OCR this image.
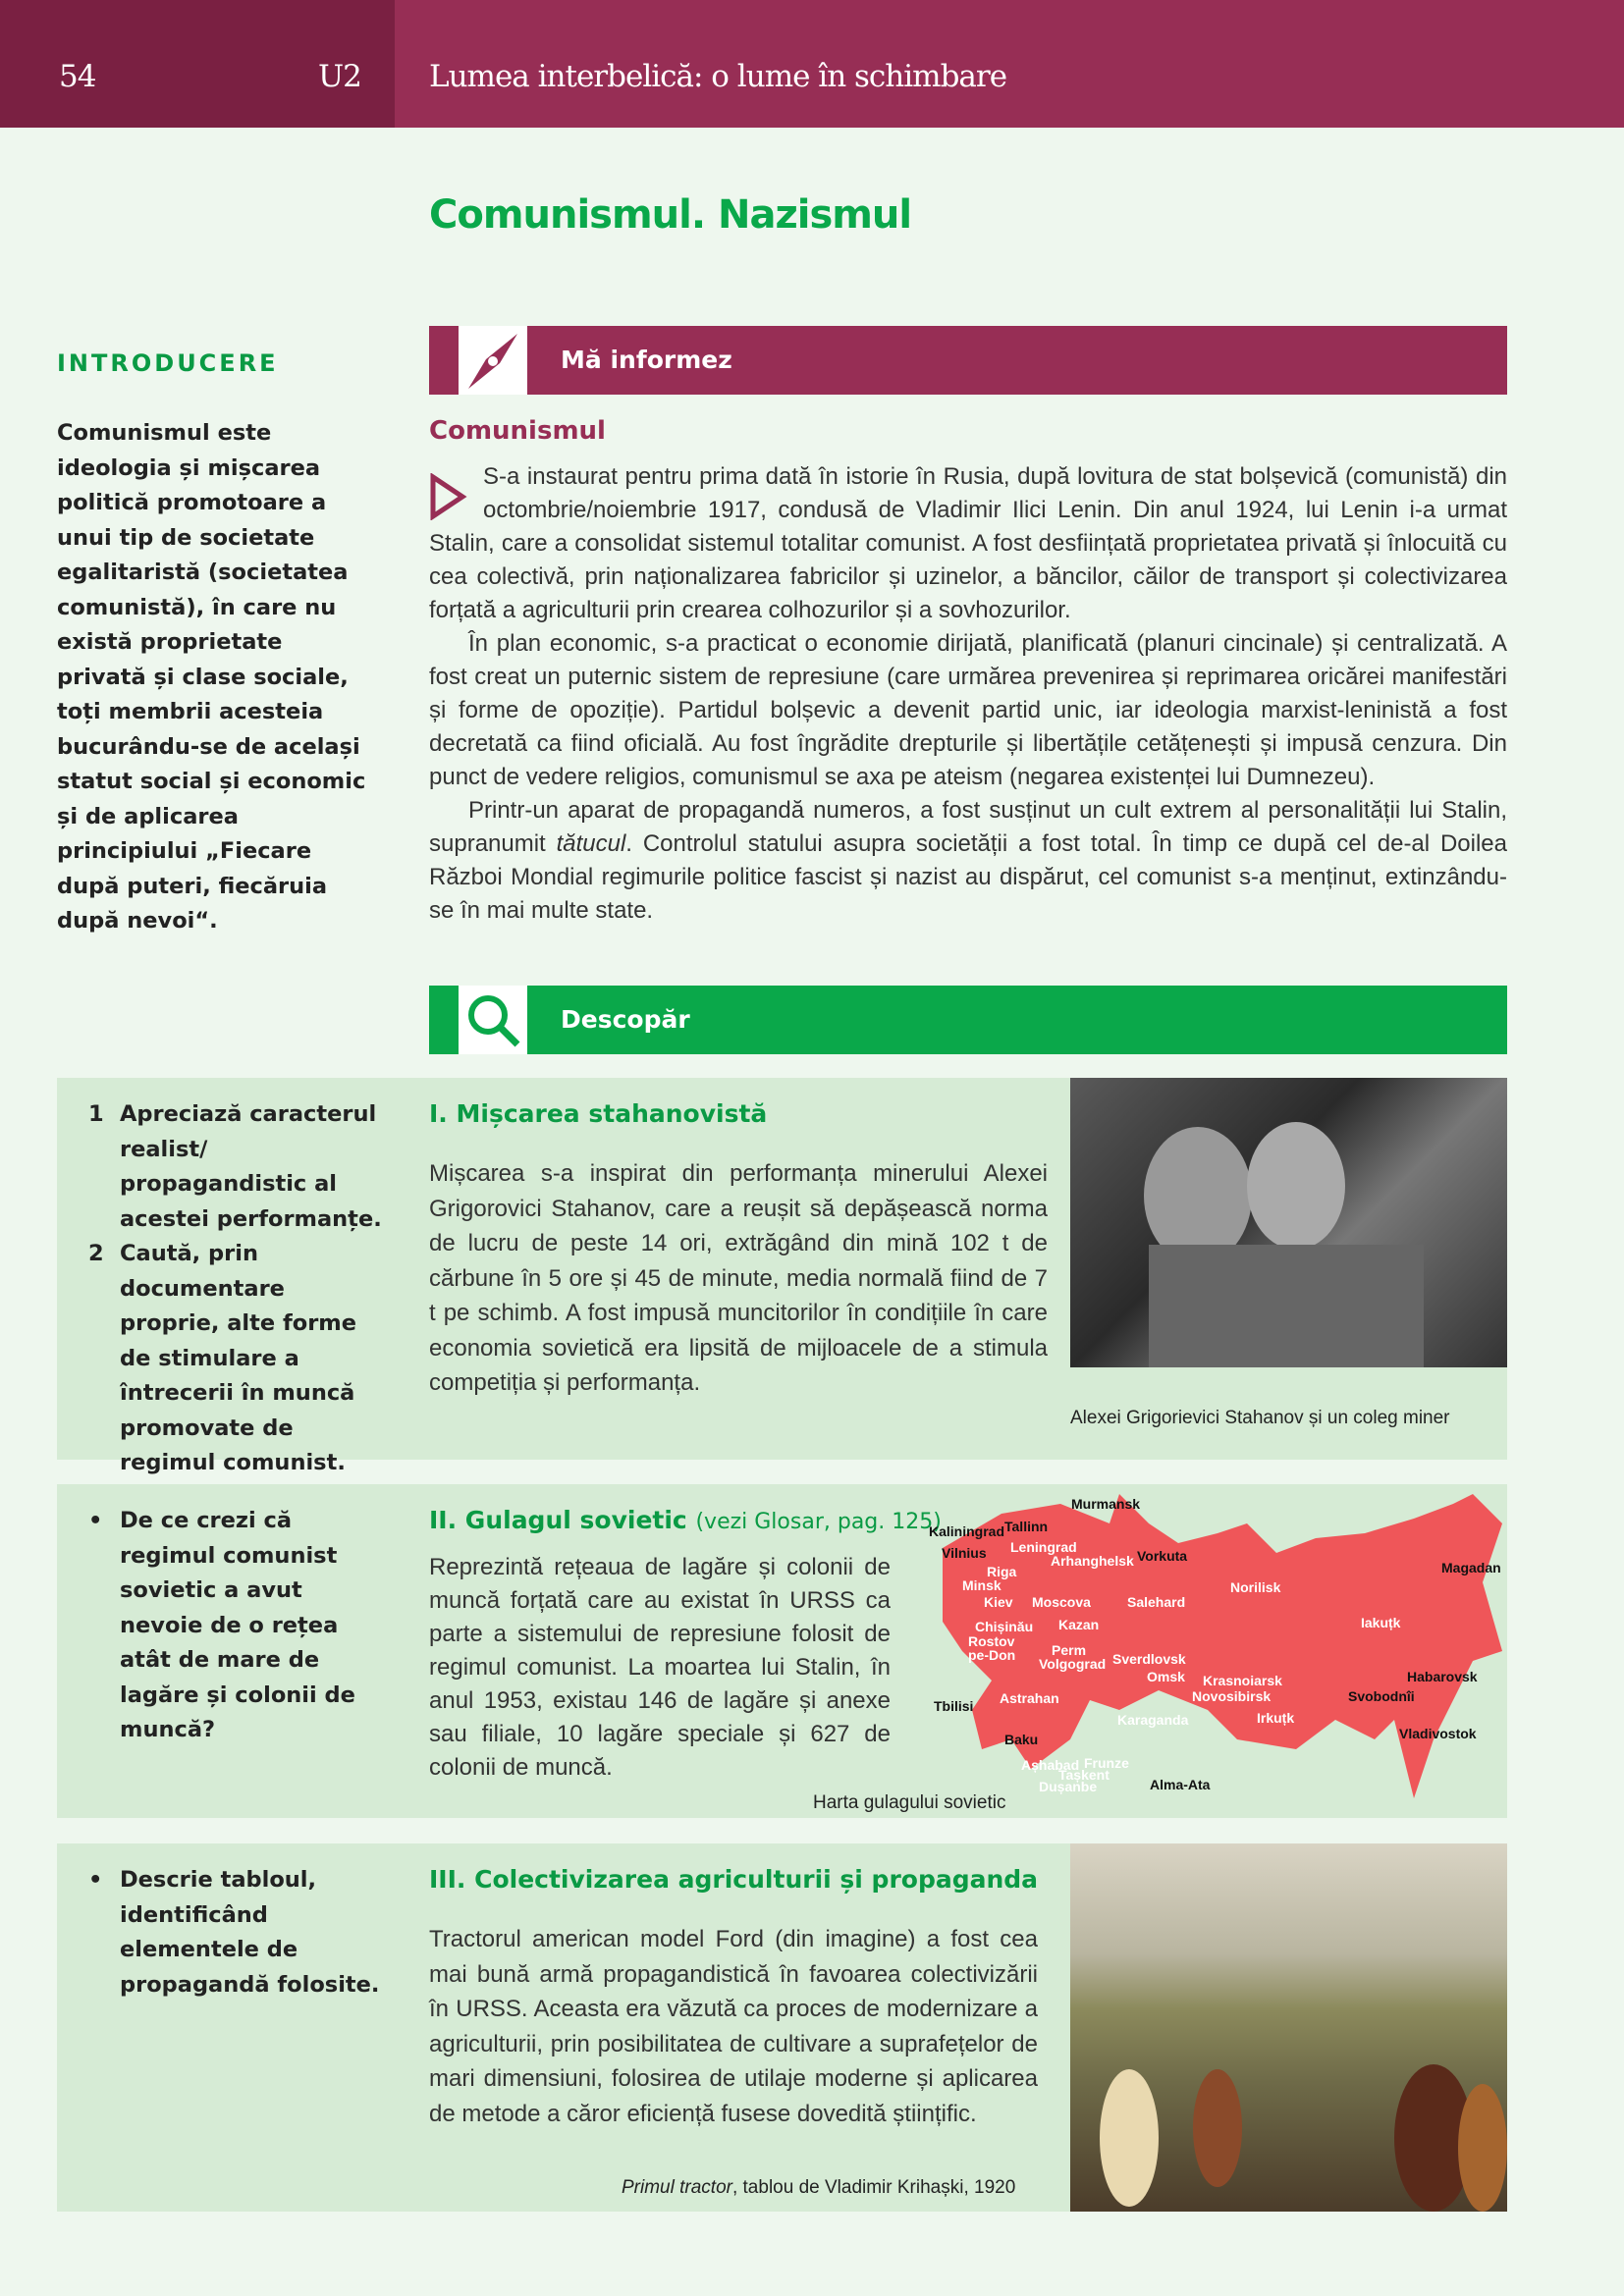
54	U2 Lumea interbelică: o lume în schimbare
Comunismul. Nazismul
INTRODUCERE
Comunismul este ideologia și mișcarea politică promotoare a unui tip de societate egalitaristă (societatea comunistă), în care nu există proprietate privată și clase sociale, toți membrii acesteia bucurându-se de același statut social și economic și de aplicarea principiului „Fiecare după puteri, fiecăruia după nevoi“.
Mă informez
Comunismul

S-a instaurat pentru prima dată în istorie în Rusia, după lovitura de stat bolșevică (comunistă) din octombrie/noiembrie 1917, condusă de Vladimir Ilici Lenin. Din anul 1924, lui Lenin i-a urmat Stalin, care a consolidat sistemul totalitar comunist. A fost desființată proprietatea privată și înlocuită cu cea colectivă, prin naționalizarea fabricilor și uzinelor, a băncilor, căilor de transport și colectivizarea forțată a agriculturii prin crearea colhozurilor și a sovhozurilor.

În plan economic, s-a practicat o economie dirijată, planificată (planuri cincinale) și centralizată. A fost creat un puternic sistem de represiune (care urmărea prevenirea și reprimarea oricărei manifestări și forme de opoziție). Partidul bolșevic a devenit partid unic, iar ideologia marxist-leninistă a fost decretată ca fiind oficială. Au fost îngrădite drepturile și libertățile cetățenești și impusă cenzura. Din punct de vedere religios, comunismul se axa pe ateism (negarea existenței lui Dumnezeu).

Printr-un aparat de propagandă numeros, a fost susținut un cult extrem al personalității lui Stalin, supranumit tătucul. Controlul statului asupra societății a fost total. În timp ce după cel de-al Doilea Război Mondial regimurile politice fascist și nazist au dispărut, cel comunist s-a menținut, extinzându-se în mai multe state.

Descopăr
1 Apreciază caracterul realist/ propagandistic al acestei performanțe.
2 Caută, prin documentare proprie, alte forme de stimulare a întrecerii în muncă promovate de regimul comunist.
I. Mișcarea stahanovistă
Mișcarea s-a inspirat din performanța minerului Alexei Grigorovici Stahanov, care a reușit să depășească norma de lucru de peste 14 ori, extrăgând din mină 102 t de cărbune în 5 ore și 45 de minute, media normală fiind de 7 t pe schimb. A fost impusă muncitorilor în condițiile în care economia sovietică era lipsită de mijloacele de a stimula competiția și performanța.
Alexei Grigorievici Stahanov și un coleg miner
• De ce crezi că regimul comunist sovietic a avut nevoie de o rețea atât de mare de lagăre și colonii de muncă?
II. Gulagul sovietic (vezi Glosar, pag. 125)
Reprezintă rețeaua de lagăre și colonii de muncă forțată care au existat în URSS ca parte a sistemului de represiune folosit de regimul comunist. La moartea lui Stalin, în anul 1953, existau 146 de lagăre și anexe sau filiale, 10 lagăre speciale și 627 de colonii de muncă.
Kaliningrad Tallinn
Murmansk
Vilnius Leningrad
Arhanghelsk Vorkuta
Riga
Minsk	Norilisk
Magadan
Kiev Moscova	Salehard
Iakuțk
Chișinău Kazan
Rostov pe-Don	Perm
Volgograd Sverdlovsk
Omsk Krasnoiarsk	Habarovsk
Novosibirsk	Svobodnîi
Tbilisi Astrahan
Karaganda	Irkuțk
Vladivostok
Baku
Așhabad Frunze
Tașkent
Dușanbe	Alma-Ata
Harta gulagului sovietic
• Descrie tabloul, identificând elementele de propagandă folosite.
III. Colectivizarea agriculturii și propaganda
Tractorul american model Ford (din imagine) a fost cea mai bună armă propagandistică în favoarea colectivizării în URSS. Aceasta era văzută ca proces de modernizare a agriculturii, prin posibilitatea de cultivare a suprafețelor de mari dimensiuni, folosirea de utilaje moderne și aplicarea de metode a căror eficiență fusese dovedită științific.
Primul tractor, tablou de Vladimir Krihașki, 1920
